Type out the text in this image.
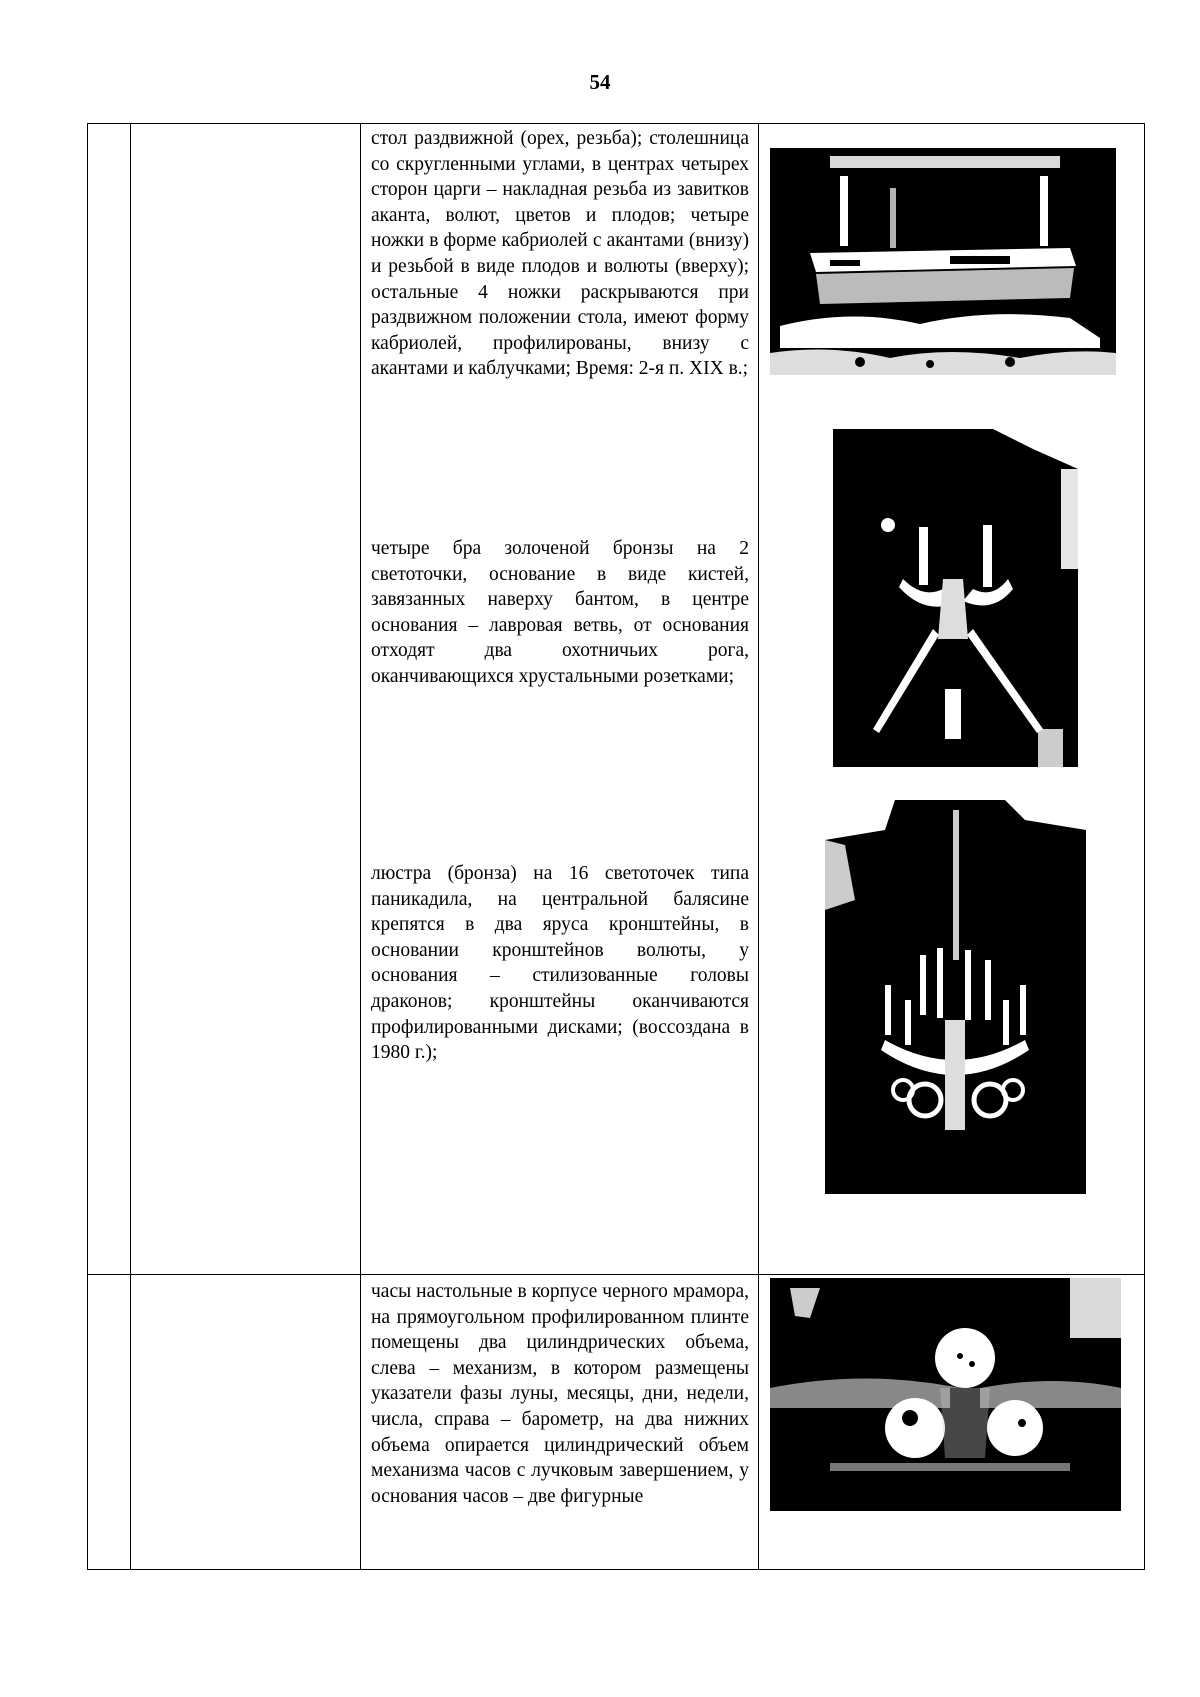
54

		стол раздвижной (орех, резьба); столешница со скругленными углами, в центрах четырех сторон царги – накладная резьба из завитков аканта, волют, цветов и плодов; четыре ножки в форме кабриолей с акантами (внизу) и резьбой в виде плодов и волюты (вверху); остальные 4 ножки раскрываются при раздвижном положении стола, имеют форму кабриолей, профилированы, внизу с акантами и каблучками; Время: 2-я п. XIX в.;
четыре бра золоченой бронзы на 2 светоточки, основание в виде кистей, завязанных наверху бантом, в центре основания – лавровая ветвь, от основания отходят два охотничьих рога, оканчивающихся хрустальными розетками;
люстра (бронза) на 16 светоточек типа паникадила, на центральной балясине крепятся в два яруса кронштейны, в основании кронштейнов волюты, у основания – стилизованные головы драконов; кронштейны оканчиваются профилированными дисками; (воссоздана в 1980 г.);

		часы настольные в корпусе черного мрамора, на прямоугольном профилированном плинте помещены два цилиндрических объема, слева – механизм, в котором размещены указатели фазы луны, месяцы, дни, недели, числа, справа – барометр, на два нижних объема опирается цилиндрический объем механизма часов с лучковым завершением, у основания часов – две фигурные
